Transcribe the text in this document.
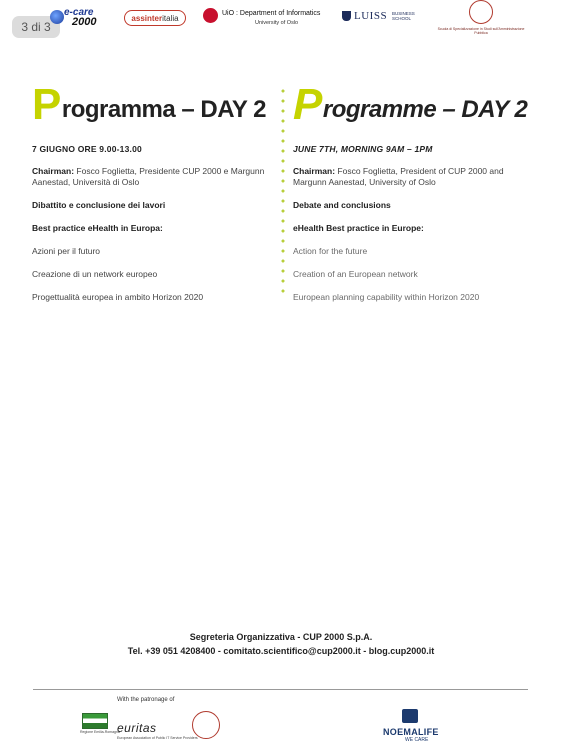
3 di 3
e-care
2000	assinter italia	UiO : Department of Informatics
University of Oslo
LUISS BUSINESS
SCHOOL
Scuola di Specializzazione in Studi sull'Amministrazione Pubblica
P rogramma – DAY 2
7 GIUGNO ORE 9.00-13.00
Chairman: Fosco Foglietta, Presidente CUP 2000 e Margunn Aanestad, Università di Oslo
Dibattito e conclusione dei lavori
Best practice eHealth in Europa:
Azioni per il futuro
Creazione di un network europeo
Progettualità europea in ambito Horizon 2020
P rogramme – DAY 2
JUNE 7TH, MORNING 9AM – 1PM
Chairman: Fosco Foglietta, President of CUP 2000 and Margunn Aanestad, University of Oslo
Debate and conclusions
eHealth Best practice in Europe:
Action for the future
Creation of an European network
European planning capability within Horizon 2020
Segreteria Organizzativa - CUP 2000 S.p.A.
Tel. +39 051 4208400 - comitato.scientifico@cup2000.it - blog.cup2000.it
With the patronage of
Regione Emilia-Romagna
euritas
European Association of Public IT Service Providers
NOEMALIFE
WE CARE
